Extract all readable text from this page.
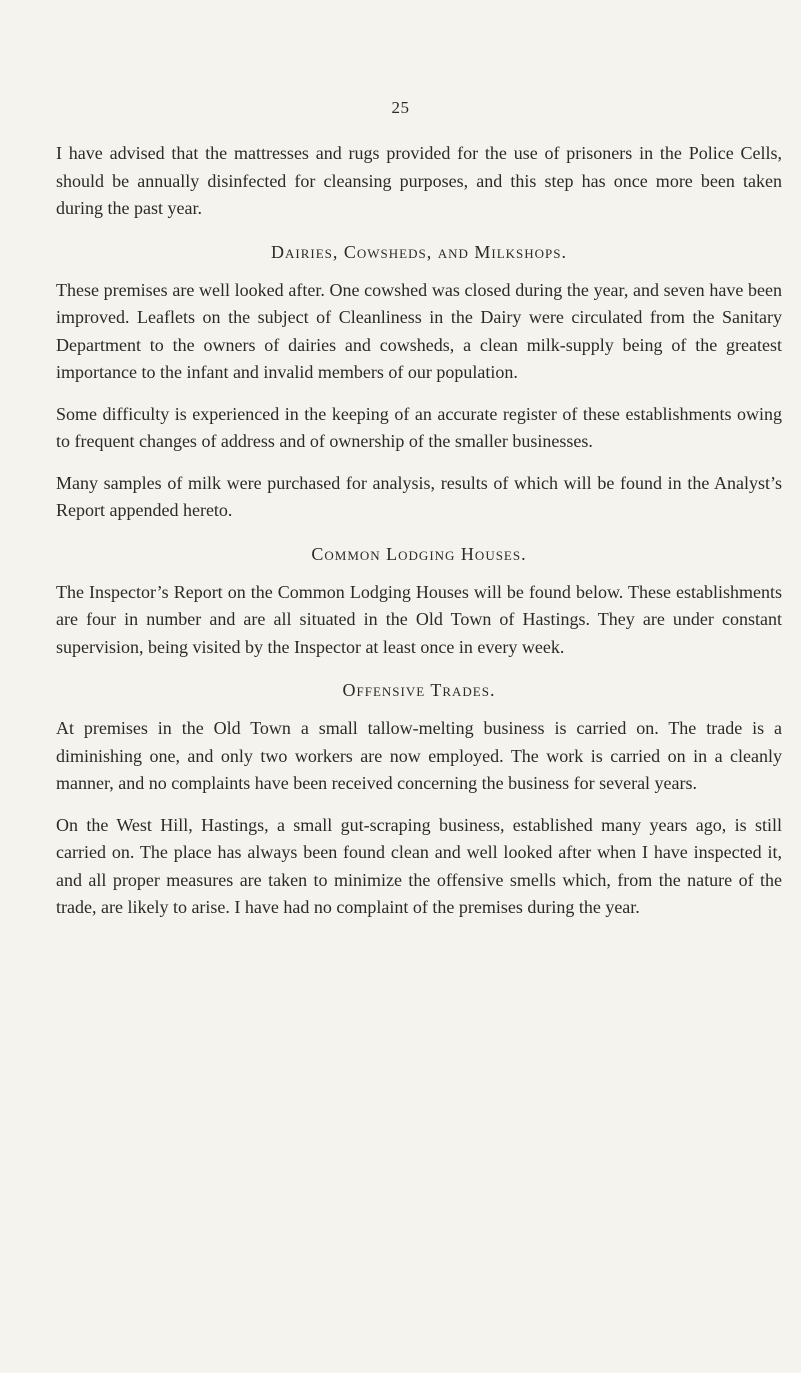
25

I have advised that the mattresses and rugs provided for the use of prisoners in the Police Cells, should be annually disinfected for cleansing purposes, and this step has once more been taken during the past year.

Dairies, Cowsheds, and Milkshops.

These premises are well looked after. One cowshed was closed during the year, and seven have been improved. Leaflets on the subject of Cleanliness in the Dairy were circulated from the Sanitary Department to the owners of dairies and cowsheds, a clean milk-supply being of the greatest importance to the infant and invalid members of our population.

Some difficulty is experienced in the keeping of an accurate register of these establishments owing to frequent changes of address and of ownership of the smaller businesses.

Many samples of milk were purchased for analysis, results of which will be found in the Analyst’s Report appended hereto.

Common Lodging Houses.

The Inspector’s Report on the Common Lodging Houses will be found below. These establishments are four in number and are all situated in the Old Town of Hastings. They are under constant supervision, being visited by the Inspector at least once in every week.

Offensive Trades.

At premises in the Old Town a small tallow-melting business is carried on. The trade is a diminishing one, and only two workers are now employed. The work is carried on in a cleanly manner, and no complaints have been received concerning the business for several years.

On the West Hill, Hastings, a small gut-scraping business, established many years ago, is still carried on. The place has always been found clean and well looked after when I have inspected it, and all proper measures are taken to minimize the offensive smells which, from the nature of the trade, are likely to arise. I have had no complaint of the premises during the year.
